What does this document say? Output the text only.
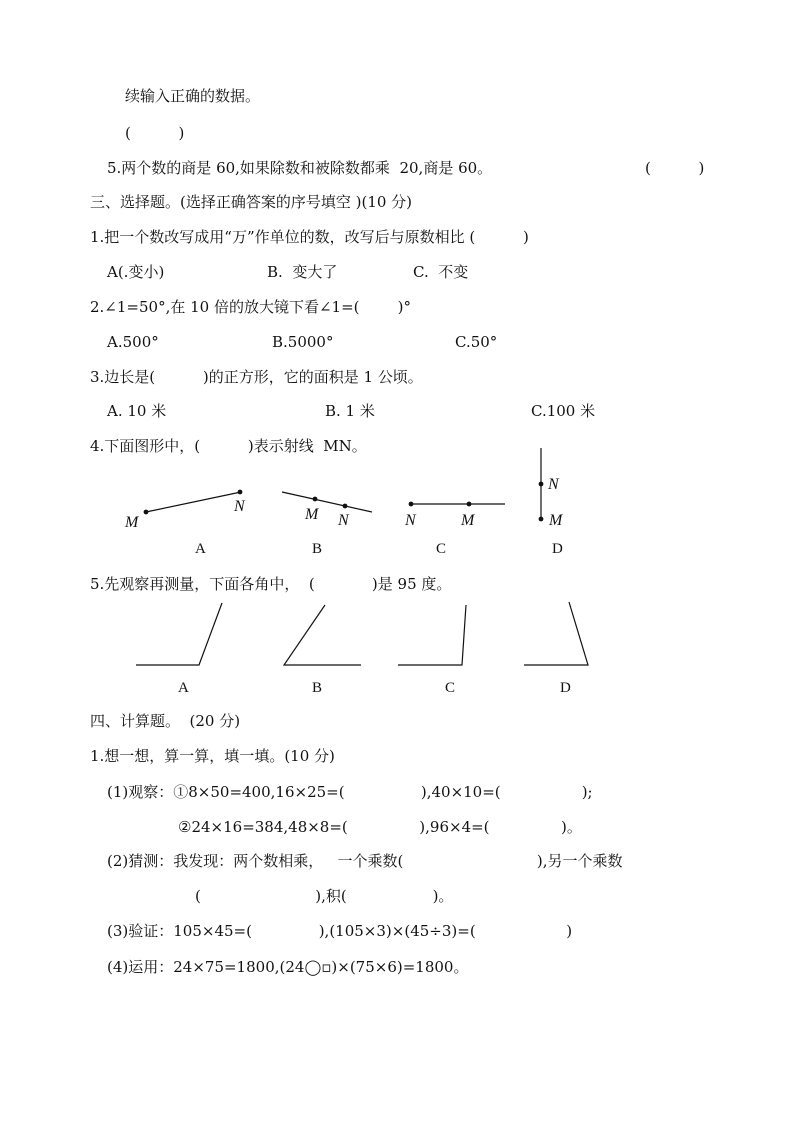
续输入正确的数据。
(          )
5.两个数的商是 60,如果除数和被除数都乘  20,商是 60。	(          )
三、选择题。(选择正确答案的序号填空 )(10 分)
1.把一个数改写成用“万”作单位的数，改写后与原数相比 (          )
A(.变小)	B.  变大了	C.  不变
2.∠1=50°,在 10 倍的放大镜下看∠1=(        )°
A.500°	B.5000°	C.50°
3.边长是(          )的正方形，它的面积是 1 公顷。
A. 10 米	B. 1 米	C.100 米
4.下面图形中，(          )表示射线  MN。
M
N	M N	N	M
N
M
A	B	C	D
A	B	C	D
5.先观察再测量，下面各角中，  (            )是 95 度。
四、计算题。  (20 分)
1.想一想，算一算，填一填。(10 分)
(1)观察：①8×50=400,16×25=(                ),40×10=(                 );
②24×16=384,48×8=(               ),96×4=(               )。
(2)猜测：我发现：两个数相乘，   一个乘数(                            ),另一个乘数
(                        ),积(                  )。
(3)验证：105×45=(              ),(105×3)×(45÷3)=(                   )
(4)运用：24×75=1800,(24◯▫)×(75×6)=1800。
